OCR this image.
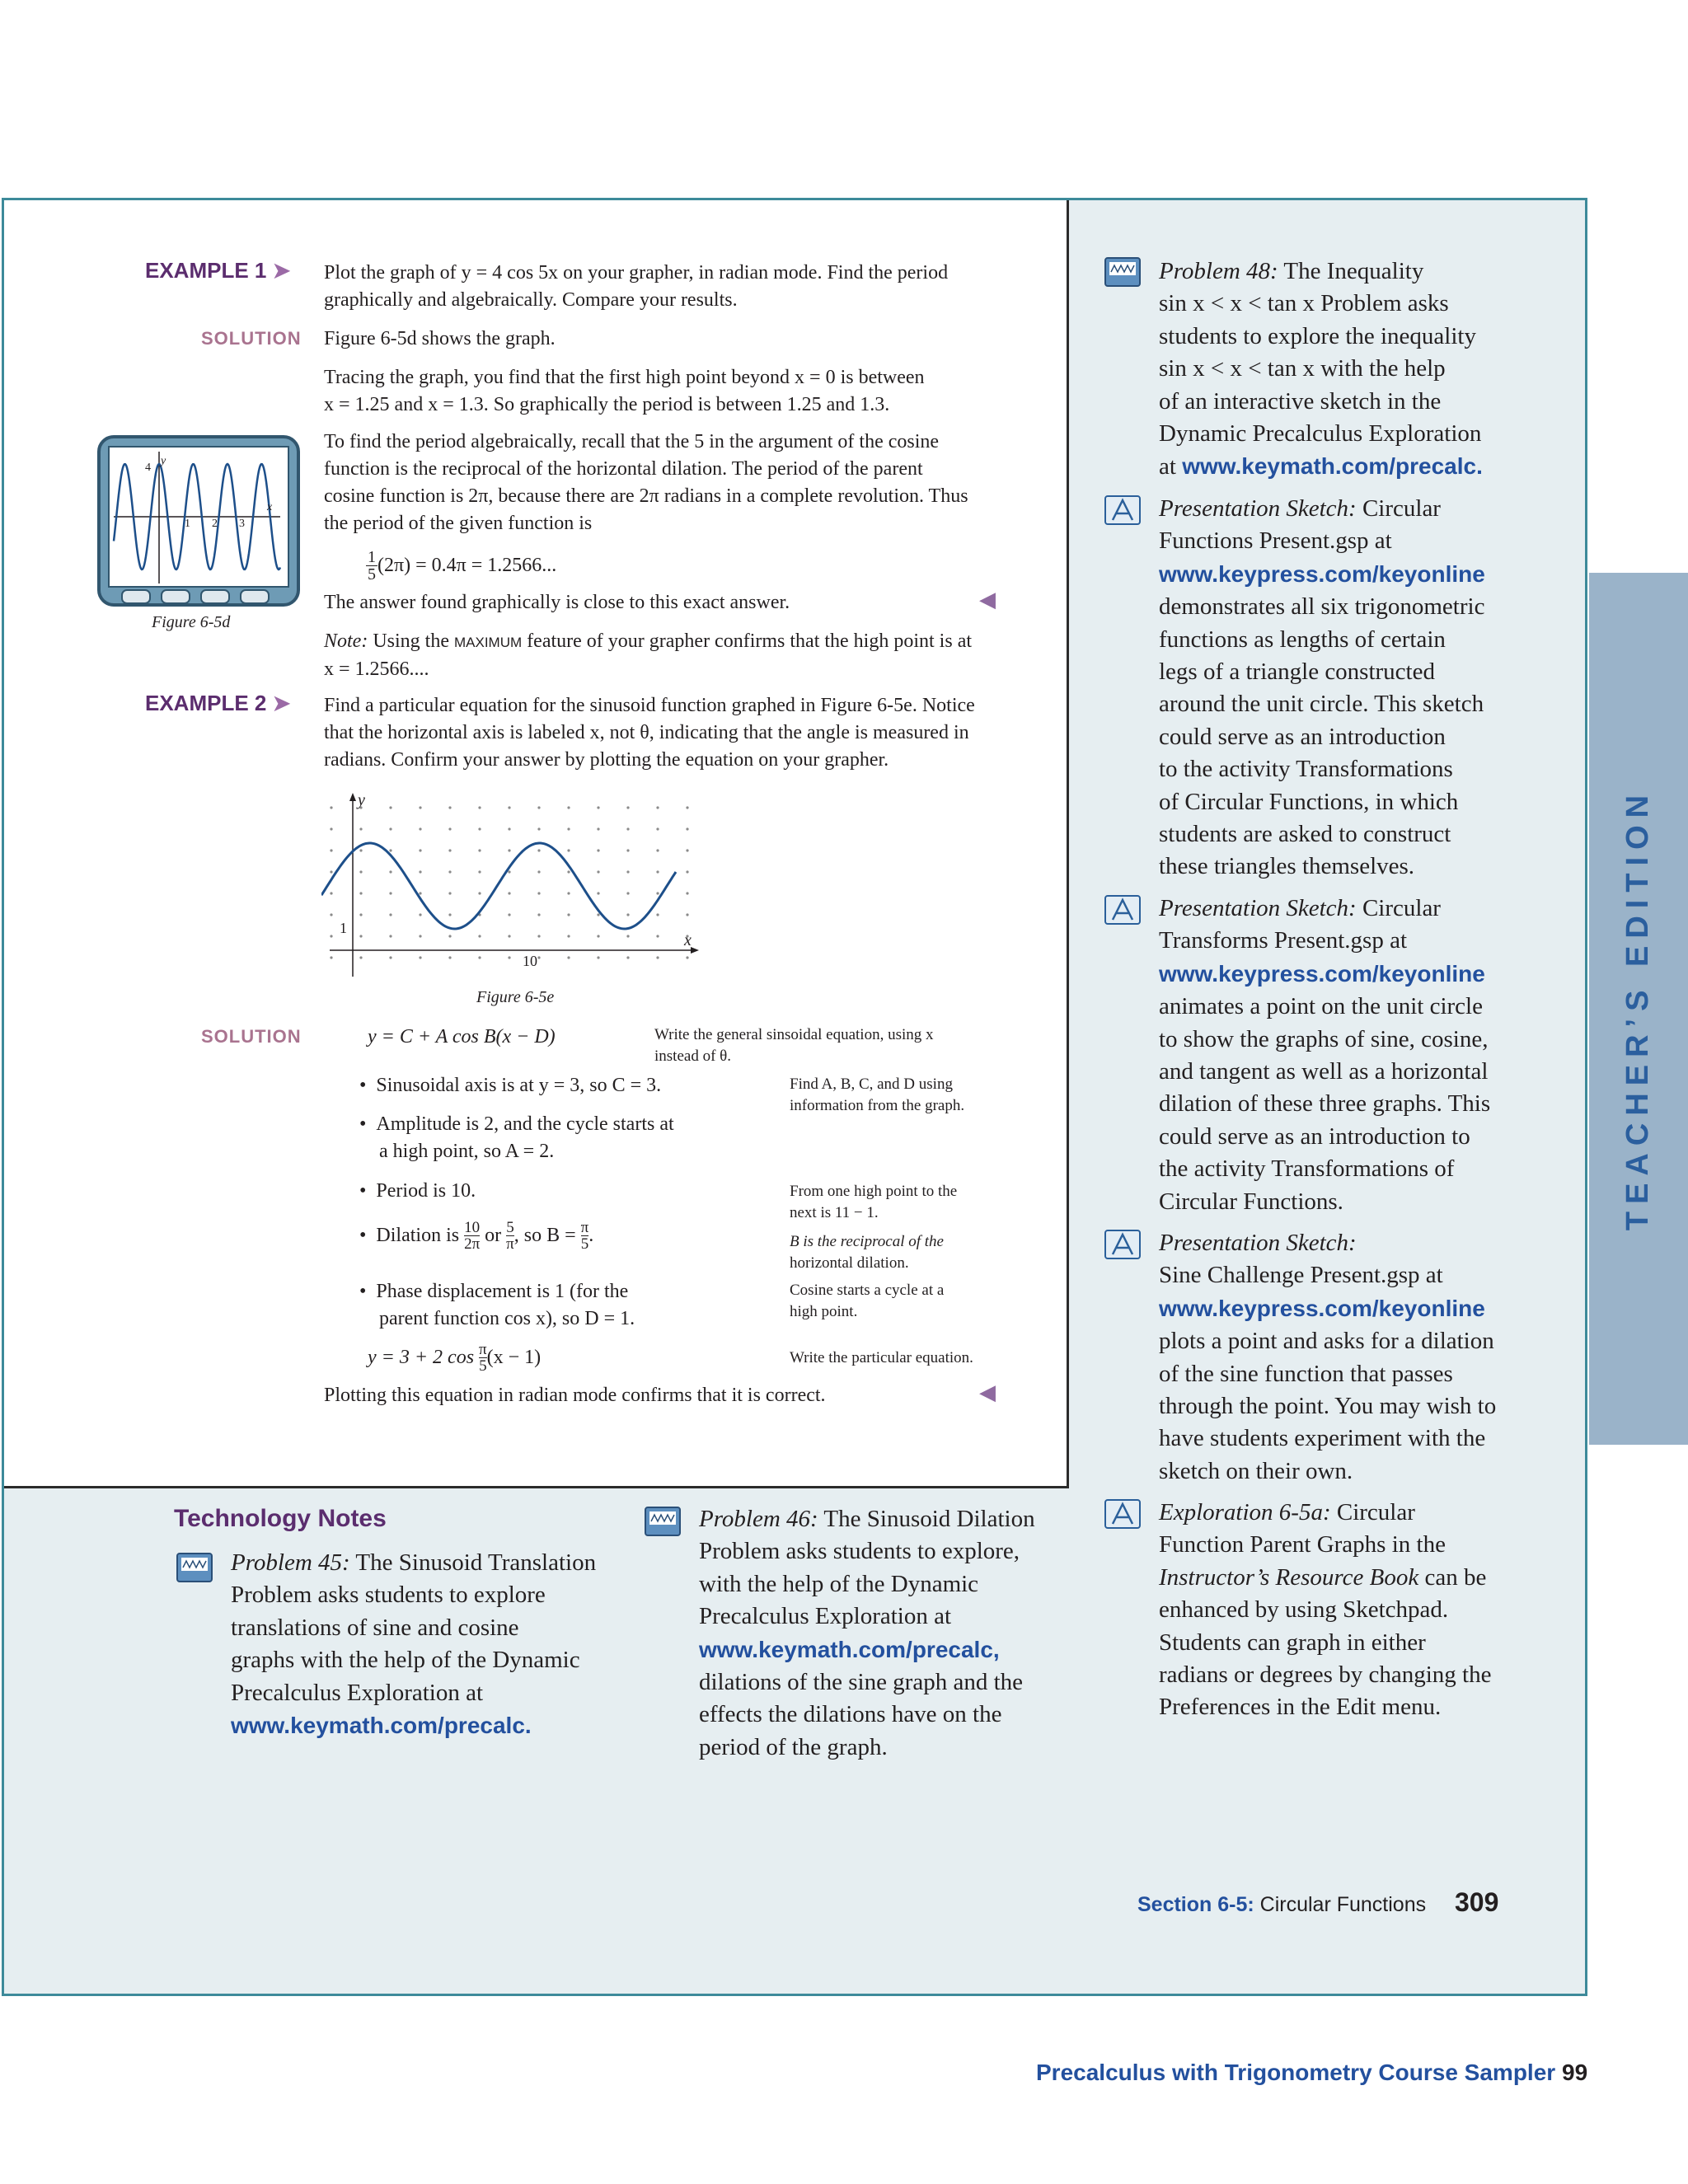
TEACHER’S EDITION
EXAMPLE 1 ➤ Plot the graph of y = 4 cos 5x on your grapher, in radian mode. Find the period
graphically and algebraically. Compare your results.
SOLUTION Figure 6-5d shows the graph.
Tracing the graph, you find that the first high point beyond x = 0 is between
x = 1.25 and x = 1.3. So graphically the period is between 1.25 and 1.3.
To find the period algebraically, recall that the 5 in the argument of the cosine
function is the reciprocal of the horizontal dilation. The period of the parent
cosine function is 2π, because there are 2π radians in a complete revolution. Thus
the period of the given function is
1
5 (2π) = 0.4π = 1.2566...
The answer found graphically is close to this exact answer.	◀
Note: Using the MAXIMUM feature of your grapher confirms that the high point is at
x = 1.2566....
y
x
4
1 2 3
Figure 6-5d
EXAMPLE 2 ➤ Find a particular equation for the sinusoid function graphed in Figure 6-5e. Notice
that the horizontal axis is labeled x, not θ, indicating that the angle is measured in
radians. Confirm your answer by plotting the equation on your grapher.
y
x
1
10
Figure 6-5e
SOLUTION	y = C + A cos B(x − D)	Write the general sinsoidal equation, using x
instead of θ.
•  Sinusoidal axis is at y = 3, so C = 3.	Find A, B, C, and D using
information from the graph.
•  Amplitude is 2, and the cycle starts at
a high point, so A = 2.
•  Period is 10.	From one high point to the
next is 11 − 1.
• Dilation is
10
2π
or
5
π , so B =
$\frac{\pi}{5}$ .	B is the reciprocal of the
horizontal dilation.
•  Phase displacement is 1 (for the
parent function cos x), so D = 1.
Cosine starts a cycle at a
high point.
y = 3 + 2 cos
π
5 (x − 1)	Write the particular equation.
Plotting this equation in radian mode confirms that it is correct.	◀
Problem 48: The Inequality
sin x < x < tan x Problem asks
students to explore the inequality
sin x < x < tan x with the help
of an interactive sketch in the
Dynamic Precalculus Exploration
at www.keymath.com/precalc.
Presentation Sketch: Circular
Functions Present.gsp at
www.keypress.com/keyonline
demonstrates all six trigonometric
functions as lengths of certain
legs of a triangle constructed
around the unit circle. This sketch
could serve as an introduction
to the activity Transformations
of Circular Functions, in which
students are asked to construct
these triangles themselves.
Presentation Sketch: Circular
Transforms Present.gsp at
www.keypress.com/keyonline
animates a point on the unit circle
to show the graphs of sine, cosine,
and tangent as well as a horizontal
dilation of these three graphs. This
could serve as an introduction to
the activity Transformations of
Circular Functions.
Presentation Sketch:
Sine Challenge Present.gsp at
www.keypress.com/keyonline
plots a point and asks for a dilation
of the sine function that passes
through the point. You may wish to
have students experiment with the
sketch on their own.
Exploration 6-5a: Circular
Function Parent Graphs in the
Instructor’s Resource Book can be
enhanced by using Sketchpad.
Students can graph in either
radians or degrees by changing the
Preferences in the Edit menu.
Technology Notes
Problem 45: The Sinusoid Translation
Problem asks students to explore
translations of sine and cosine
graphs with the help of the Dynamic
Precalculus Exploration at
www.keymath.com/precalc.
Problem 46: The Sinusoid Dilation
Problem asks students to explore,
with the help of the Dynamic
Precalculus Exploration at
www.keymath.com/precalc,
dilations of the sine graph and the
effects the dilations have on the
period of the graph.
Section 6-5: Circular Functions 309
Precalculus with Trigonometry Course Sampler 99
